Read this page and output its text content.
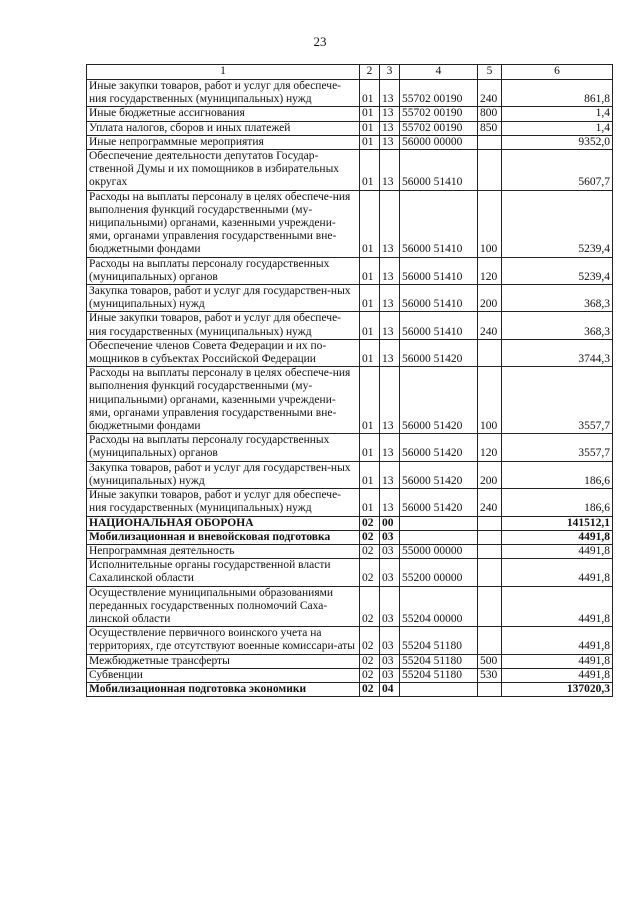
23
1	2	3	4	5	6
Иные закупки товаров, работ и услуг для обеспече-ния государственных (муниципальных) нужд	01	13	55702 00190	240	861,8
Иные бюджетные ассигнования	01	13	55702 00190	800	1,4
Уплата налогов, сборов и иных платежей	01	13	55702 00190	850	1,4
Иные непрограммные мероприятия	01	13	56000 00000		9352,0
Обеспечение деятельности депутатов Государ-ственной Думы и их помощников в избирательных округах	01	13	56000 51410		5607,7
Расходы на выплаты персоналу в целях обеспече-ния выполнения функций государственными (му-ниципальными) органами, казенными учреждени-ями, органами управления государственными вне-бюджетными фондами	01	13	56000 51410	100	5239,4
Расходы на выплаты персоналу государственных (муниципальных) органов	01	13	56000 51410	120	5239,4
Закупка товаров, работ и услуг для государствен-ных (муниципальных) нужд	01	13	56000 51410	200	368,3
Иные закупки товаров, работ и услуг для обеспече-ния государственных (муниципальных) нужд	01	13	56000 51410	240	368,3
Обеспечение членов Совета Федерации и их по-мощников в субъектах Российской Федерации	01	13	56000 51420		3744,3
Расходы на выплаты персоналу в целях обеспече-ния выполнения функций государственными (му-ниципальными) органами, казенными учреждени-ями, органами управления государственными вне-бюджетными фондами	01	13	56000 51420	100	3557,7
Расходы на выплаты персоналу государственных (муниципальных) органов	01	13	56000 51420	120	3557,7
Закупка товаров, работ и услуг для государствен-ных (муниципальных) нужд	01	13	56000 51420	200	186,6
Иные закупки товаров, работ и услуг для обеспече-ния государственных (муниципальных) нужд	01	13	56000 51420	240	186,6
НАЦИОНАЛЬНАЯ ОБОРОНА	02	00			141512,1
Мобилизационная и вневойсковая подготовка	02	03			4491,8
Непрограммная деятельность	02	03	55000 00000		4491,8
Исполнительные органы государственной власти Сахалинской области	02	03	55200 00000		4491,8
Осуществление муниципальными образованиями переданных государственных полномочий Саха-линской области	02	03	55204 00000		4491,8
Осуществление первичного воинского учета на территориях, где отсутствуют военные комиссари-аты	02	03	55204 51180		4491,8
Межбюджетные трансферты	02	03	55204 51180	500	4491,8
Субвенции	02	03	55204 51180	530	4491,8
Мобилизационная подготовка экономики	02	04			137020,3
